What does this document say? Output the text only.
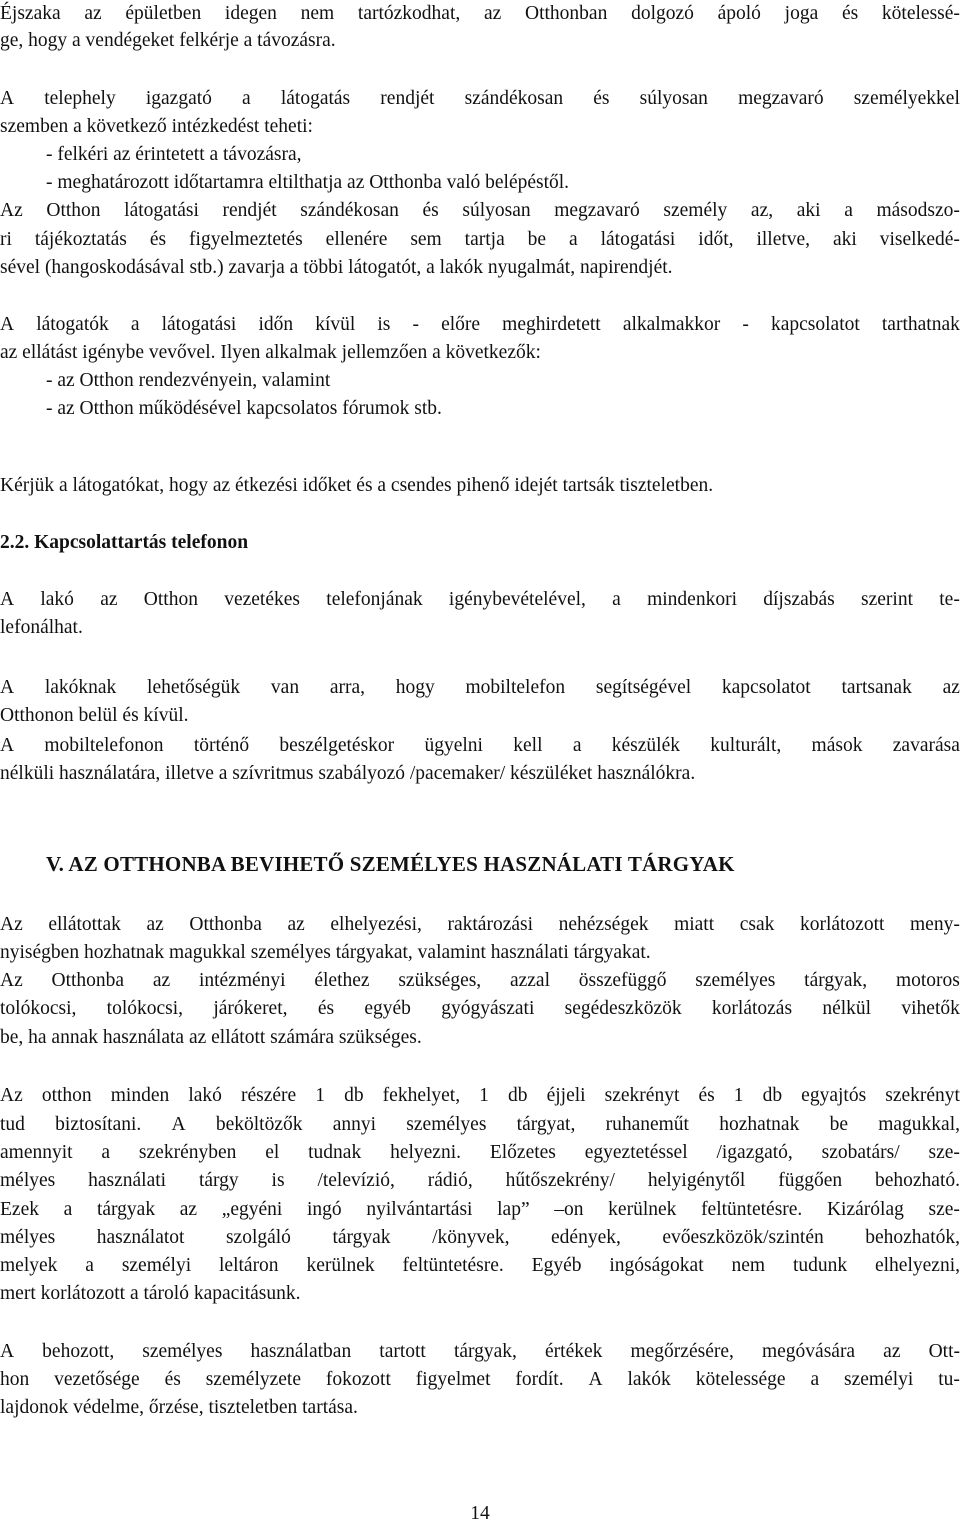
Éjszaka az épületben idegen nem tartózkodhat, az Otthonban dolgozó ápoló joga és kötelessé-
ge, hogy a vendégeket felkérje a távozásra.
A telephely igazgató a látogatás rendjét szándékosan és súlyosan megzavaró személyekkel
szemben a következő intézkedést teheti:
- felkéri az érintetett a távozásra,
- meghatározott időtartamra eltilthatja az Otthonba való belépéstől.
Az Otthon látogatási rendjét szándékosan és súlyosan megzavaró személy az, aki a másodszo-
ri tájékoztatás és figyelmeztetés ellenére sem tartja be a látogatási időt, illetve, aki viselkedé-
sével (hangoskodásával stb.) zavarja a többi látogatót, a lakók nyugalmát, napirendjét.
A látogatók a látogatási időn kívül is - előre meghirdetett alkalmakkor - kapcsolatot tarthatnak
az ellátást igénybe vevővel. Ilyen alkalmak jellemzően a következők:
- az Otthon rendezvényein, valamint
- az Otthon működésével kapcsolatos fórumok stb.
Kérjük a látogatókat, hogy az étkezési időket és a csendes pihenő idejét tartsák tiszteletben.
2.2. Kapcsolattartás telefonon
A lakó az Otthon vezetékes telefonjának igénybevételével, a mindenkori díjszabás szerint te-
lefonálhat.
A lakóknak lehetőségük van arra, hogy mobiltelefon segítségével kapcsolatot tartsanak az
Otthonon belül és kívül.
A mobiltelefonon történő beszélgetéskor ügyelni kell a készülék kulturált, mások zavarása
nélküli használatára, illetve a szívritmus szabályozó /pacemaker/ készüléket használókra.
V. AZ OTTHONBA BEVIHETŐ SZEMÉLYES HASZNÁLATI TÁRGYAK
Az ellátottak az Otthonba az elhelyezési, raktározási nehézségek miatt csak korlátozott meny-
nyiségben hozhatnak magukkal személyes tárgyakat, valamint használati tárgyakat.
Az Otthonba az intézményi élethez szükséges, azzal összefüggő személyes tárgyak, motoros
tolókocsi, tolókocsi, járókeret, és egyéb gyógyászati segédeszközök korlátozás nélkül vihetők
be, ha annak használata az ellátott számára szükséges.
Az otthon minden lakó részére 1 db fekhelyet, 1 db éjjeli szekrényt és 1 db egyajtós szekrényt
tud biztosítani. A beköltözők annyi személyes tárgyat, ruhaneműt hozhatnak be magukkal,
amennyit a szekrényben el tudnak helyezni. Előzetes egyeztetéssel /igazgató, szobatárs/ sze-
mélyes használati tárgy is /televízió, rádió, hűtőszekrény/ helyigénytől függően behozható.
Ezek a tárgyak az „egyéni ingó nyilvántartási lap” –on kerülnek feltüntetésre. Kizárólag sze-
mélyes használatot szolgáló tárgyak /könyvek, edények, evőeszközök/szintén behozhatók,
melyek a személyi leltáron kerülnek feltüntetésre. Egyéb ingóságokat nem tudunk elhelyezni,
mert korlátozott a tároló kapacitásunk.
A behozott, személyes használatban tartott tárgyak, értékek megőrzésére, megóvására az Ott-
hon vezetősége és személyzete fokozott figyelmet fordít. A lakók kötelessége a személyi tu-
lajdonok védelme, őrzése, tiszteletben tartása.
14
